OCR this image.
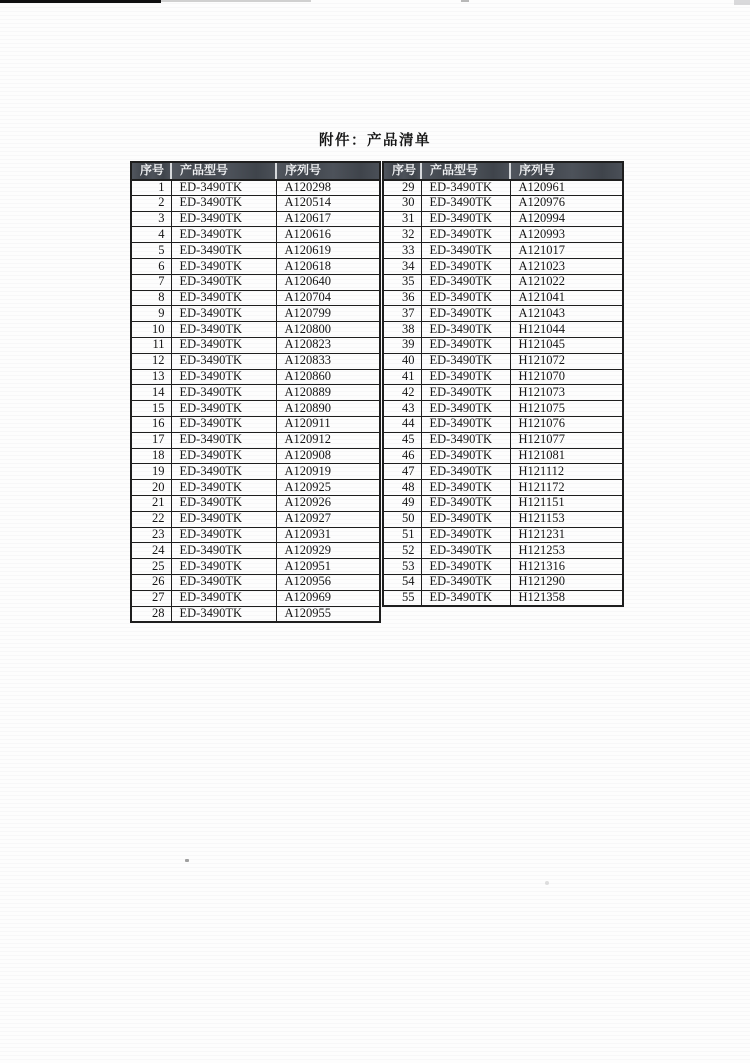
附件：产品清单
序号	产品型号	序列号
1	ED-3490TK	A120298
2	ED-3490TK	A120514
3	ED-3490TK	A120617
4	ED-3490TK	A120616
5	ED-3490TK	A120619
6	ED-3490TK	A120618
7	ED-3490TK	A120640
8	ED-3490TK	A120704
9	ED-3490TK	A120799
10	ED-3490TK	A120800
11	ED-3490TK	A120823
12	ED-3490TK	A120833
13	ED-3490TK	A120860
14	ED-3490TK	A120889
15	ED-3490TK	A120890
16	ED-3490TK	A120911
17	ED-3490TK	A120912
18	ED-3490TK	A120908
19	ED-3490TK	A120919
20	ED-3490TK	A120925
21	ED-3490TK	A120926
22	ED-3490TK	A120927
23	ED-3490TK	A120931
24	ED-3490TK	A120929
25	ED-3490TK	A120951
26	ED-3490TK	A120956
27	ED-3490TK	A120969
28	ED-3490TK	A120955
序号	产品型号	序列号
29	ED-3490TK	A120961
30	ED-3490TK	A120976
31	ED-3490TK	A120994
32	ED-3490TK	A120993
33	ED-3490TK	A121017
34	ED-3490TK	A121023
35	ED-3490TK	A121022
36	ED-3490TK	A121041
37	ED-3490TK	A121043
38	ED-3490TK	H121044
39	ED-3490TK	H121045
40	ED-3490TK	H121072
41	ED-3490TK	H121070
42	ED-3490TK	H121073
43	ED-3490TK	H121075
44	ED-3490TK	H121076
45	ED-3490TK	H121077
46	ED-3490TK	H121081
47	ED-3490TK	H121112
48	ED-3490TK	H121172
49	ED-3490TK	H121151
50	ED-3490TK	H121153
51	ED-3490TK	H121231
52	ED-3490TK	H121253
53	ED-3490TK	H121316
54	ED-3490TK	H121290
55	ED-3490TK	H121358
